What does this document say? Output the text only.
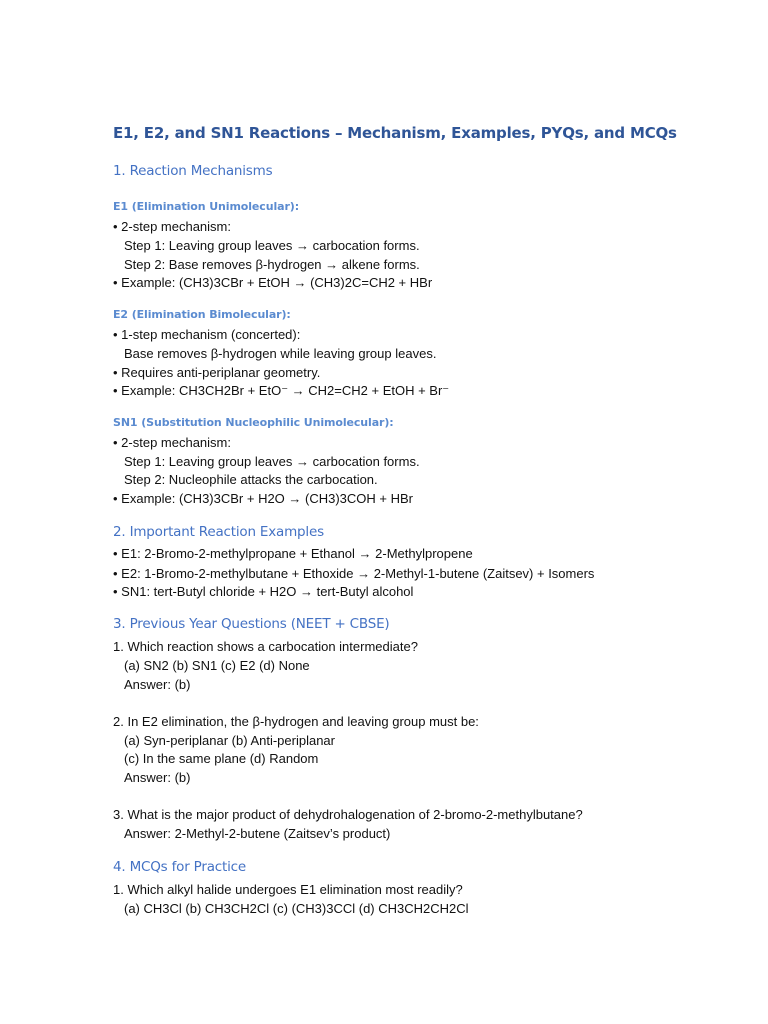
E1, E2, and SN1 Reactions – Mechanism, Examples, PYQs, and MCQs
1. Reaction Mechanisms
E1 (Elimination Unimolecular):
• 2-step mechanism:
Step 1: Leaving group leaves → carbocation forms.
Step 2: Base removes β-hydrogen → alkene forms.
• Example: (CH3)3CBr + EtOH → (CH3)2C=CH2 + HBr
E2 (Elimination Bimolecular):
• 1-step mechanism (concerted):
Base removes β-hydrogen while leaving group leaves.
• Requires anti-periplanar geometry.
• Example: CH3CH2Br + EtO⁻ → CH2=CH2 + EtOH + Br⁻
SN1 (Substitution Nucleophilic Unimolecular):
• 2-step mechanism:
Step 1: Leaving group leaves → carbocation forms.
Step 2: Nucleophile attacks the carbocation.
• Example: (CH3)3CBr + H2O → (CH3)3COH + HBr
2. Important Reaction Examples
• E1: 2-Bromo-2-methylpropane + Ethanol → 2-Methylpropene
• E2: 1-Bromo-2-methylbutane + Ethoxide → 2-Methyl-1-butene (Zaitsev) + Isomers
• SN1: tert-Butyl chloride + H2O → tert-Butyl alcohol
3. Previous Year Questions (NEET + CBSE)
1. Which reaction shows a carbocation intermediate?
(a) SN2 (b) SN1 (c) E2 (d) None
Answer: (b)
2. In E2 elimination, the β-hydrogen and leaving group must be:
(a) Syn-periplanar (b) Anti-periplanar
(c) In the same plane (d) Random
Answer: (b)
3. What is the major product of dehydrohalogenation of 2-bromo-2-methylbutane?
Answer: 2-Methyl-2-butene (Zaitsev’s product)
4. MCQs for Practice
1. Which alkyl halide undergoes E1 elimination most readily?
(a) CH3Cl (b) CH3CH2Cl (c) (CH3)3CCl (d) CH3CH2CH2Cl
